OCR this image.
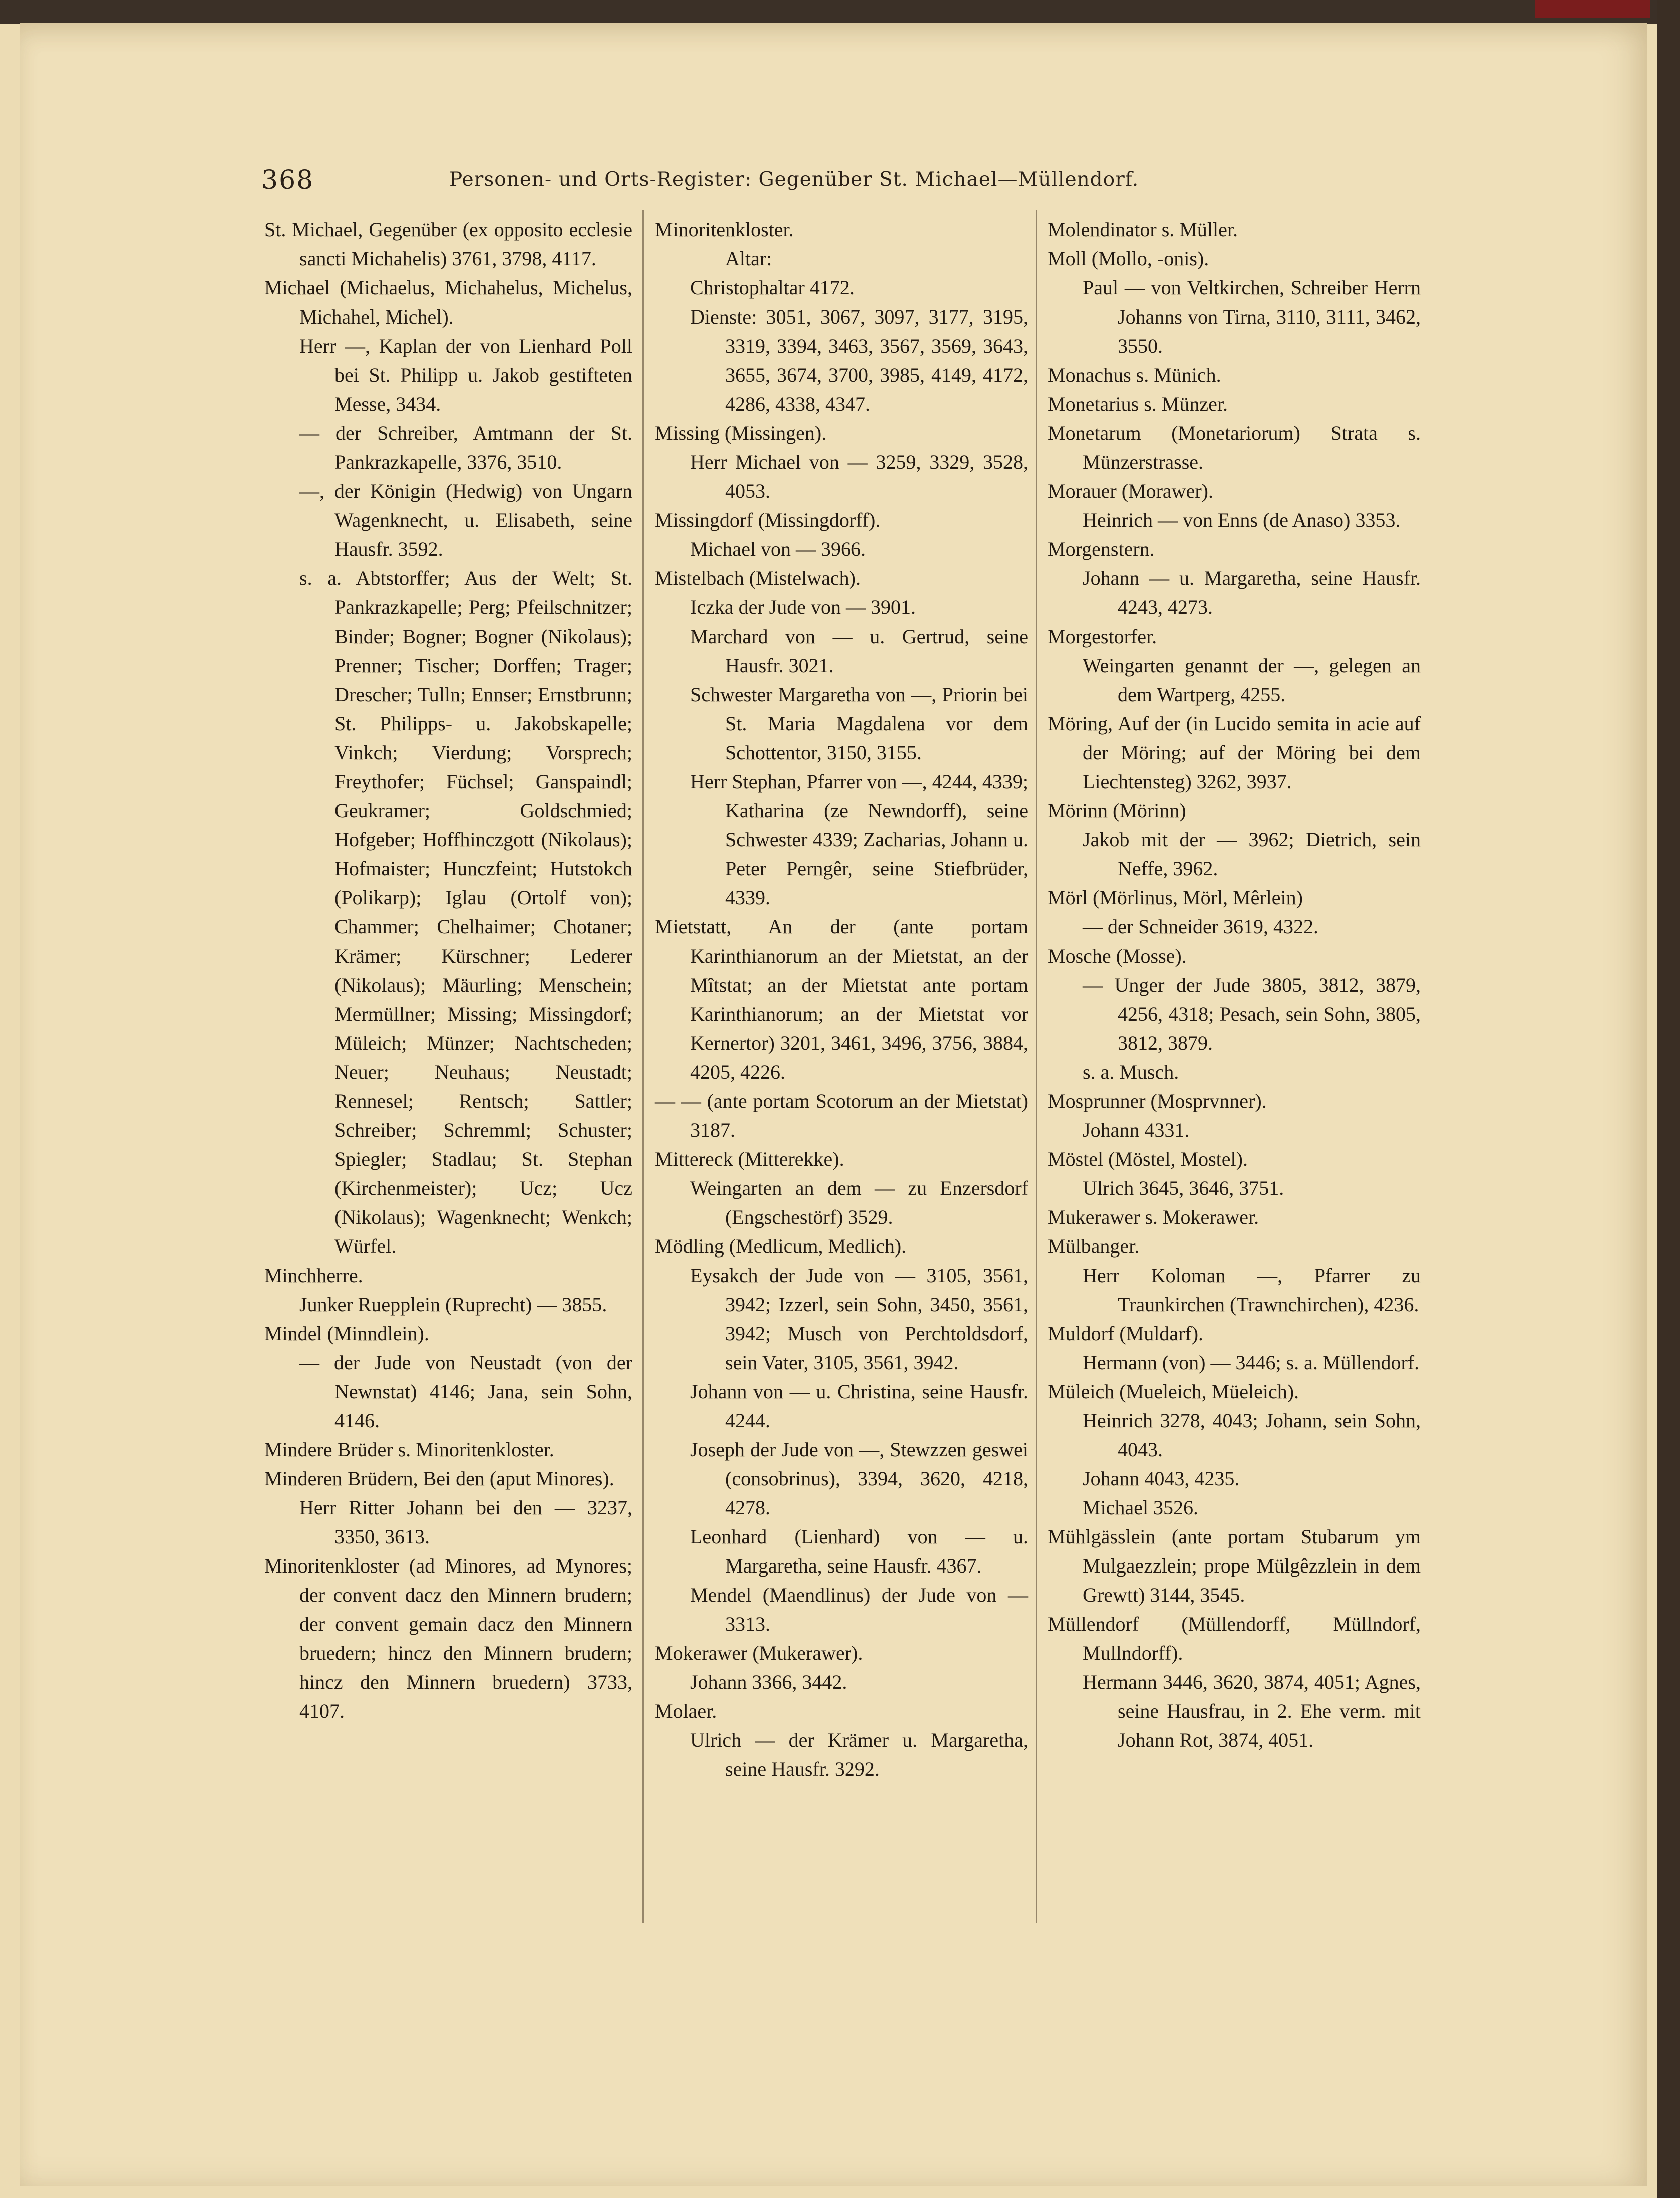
368	Personen- und Orts-Register: Gegenüber St. Michael—Müllendorf.

St. Michael, Gegenüber (ex opposito ecclesie sancti Michahelis) 3761, 3798, 4117.

Michael (Michaelus, Michahelus, Michelus, Michahel, Michel).

Herr —, Kaplan der von Lienhard Poll bei St. Philipp u. Jakob gestifteten Messe, 3434.

— der Schreiber, Amtmann der St. Pankrazkapelle, 3376, 3510.

—, der Königin (Hedwig) von Ungarn Wagenknecht, u. Elisabeth, seine Hausfr. 3592.

s. a. Abtstorffer; Aus der Welt; St. Pankrazkapelle; Perg; Pfeilschnitzer; Binder; Bogner; Bogner (Nikolaus); Prenner; Tischer; Dorffen; Trager; Drescher; Tulln; Ennser; Ernstbrunn; St. Philipps- u. Jakobskapelle; Vinkch; Vierdung; Vorsprech; Freythofer; Füchsel; Ganspaindl; Geukramer; Goldschmied; Hofgeber; Hoffhinczgott (Nikolaus); Hofmaister; Hunczfeint; Hutstokch (Polikarp); Iglau (Ortolf von); Chammer; Chelhaimer; Chotaner; Krämer; Kürschner; Lederer (Nikolaus); Mäurling; Menschein; Mermüllner; Missing; Missingdorf; Müleich; Münzer; Nachtscheden; Neuer; Neuhaus; Neustadt; Rennesel; Rentsch; Sattler; Schreiber; Schremml; Schuster; Spiegler; Stadlau; St. Stephan (Kirchenmeister); Ucz; Ucz (Nikolaus); Wagenknecht; Wenkch; Würfel.

Minchherre.

Junker Ruepplein (Ruprecht) — 3855.

Mindel (Minndlein).

— der Jude von Neustadt (von der Newnstat) 4146; Jana, sein Sohn, 4146.

Mindere Brüder s. Minoritenkloster.

Minderen Brüdern, Bei den (aput Minores).

Herr Ritter Johann bei den — 3237, 3350, 3613.

Minoritenkloster (ad Minores, ad Mynores; der convent dacz den Minnern brudern; der convent gemain dacz den Minnern bruedern; hincz den Minnern brudern; hincz den Minnern bruedern) 3733, 4107.

Minoritenkloster.

Altar:

Christophaltar 4172.

Dienste: 3051, 3067, 3097, 3177, 3195, 3319, 3394, 3463, 3567, 3569, 3643, 3655, 3674, 3700, 3985, 4149, 4172, 4286, 4338, 4347.

Missing (Missingen).

Herr Michael von — 3259, 3329, 3528, 4053.

Missingdorf (Missingdorff).

Michael von — 3966.

Mistelbach (Mistelwach).

Iczka der Jude von — 3901.

Marchard von — u. Gertrud, seine Hausfr. 3021.

Schwester Margaretha von —, Priorin bei St. Maria Magdalena vor dem Schottentor, 3150, 3155.

Herr Stephan, Pfarrer von —, 4244, 4339; Katharina (ze Newndorff), seine Schwester 4339; Zacharias, Johann u. Peter Perngêr, seine Stiefbrüder, 4339.

Mietstatt, An der (ante portam Karinthianorum an der Mietstat, an der Mîtstat; an der Mietstat ante portam Karinthianorum; an der Mietstat vor Kernertor) 3201, 3461, 3496, 3756, 3884, 4205, 4226.

— — (ante portam Scotorum an der Mietstat) 3187.

Mittereck (Mitterekke).

Weingarten an dem — zu Enzersdorf (Engschestörf) 3529.

Mödling (Medlicum, Medlich).

Eysakch der Jude von — 3105, 3561, 3942; Izzerl, sein Sohn, 3450, 3561, 3942; Musch von Perchtoldsdorf, sein Vater, 3105, 3561, 3942.

Johann von — u. Christina, seine Hausfr. 4244.

Joseph der Jude von —, Stewzzen geswei (consobrinus), 3394, 3620, 4218, 4278.

Leonhard (Lienhard) von — u. Margaretha, seine Hausfr. 4367.

Mendel (Maendlinus) der Jude von — 3313.

Mokerawer (Mukerawer).

Johann 3366, 3442.

Molaer.

Ulrich — der Krämer u. Margaretha, seine Hausfr. 3292.

Molendinator s. Müller.

Moll (Mollo, -onis).

Paul — von Veltkirchen, Schreiber Herrn Johanns von Tirna, 3110, 3111, 3462, 3550.

Monachus s. Münich.

Monetarius s. Münzer.

Monetarum (Monetariorum) Strata s. Münzerstrasse.

Morauer (Morawer).

Heinrich — von Enns (de Anaso) 3353.

Morgenstern.

Johann — u. Margaretha, seine Hausfr. 4243, 4273.

Morgestorfer.

Weingarten genannt der —, gelegen an dem Wartperg, 4255.

Möring, Auf der (in Lucido semita in acie auf der Möring; auf der Möring bei dem Liechtensteg) 3262, 3937.

Mörinn (Mörinn)

Jakob mit der — 3962; Dietrich, sein Neffe, 3962.

Mörl (Mörlinus, Mörl, Mêrlein)

— der Schneider 3619, 4322.

Mosche (Mosse).

— Unger der Jude 3805, 3812, 3879, 4256, 4318; Pesach, sein Sohn, 3805, 3812, 3879.

s. a. Musch.

Mosprunner (Mosprvnner).

Johann 4331.

Möstel (Möstel, Mostel).

Ulrich 3645, 3646, 3751.

Mukerawer s. Mokerawer.

Mülbanger.

Herr Koloman —, Pfarrer zu Traunkirchen (Trawnchirchen), 4236.

Muldorf (Muldarf).

Hermann (von) — 3446; s. a. Müllendorf.

Müleich (Mueleich, Müeleich).

Heinrich 3278, 4043; Johann, sein Sohn, 4043.

Johann 4043, 4235.

Michael 3526.

Mühlgässlein (ante portam Stubarum ym Mulgaezzlein; prope Mülgêzzlein in dem Grewtt) 3144, 3545.

Müllendorf (Müllendorff, Müllndorf, Mullndorff).

Hermann 3446, 3620, 3874, 4051; Agnes, seine Hausfrau, in 2. Ehe verm. mit Johann Rot, 3874, 4051.
